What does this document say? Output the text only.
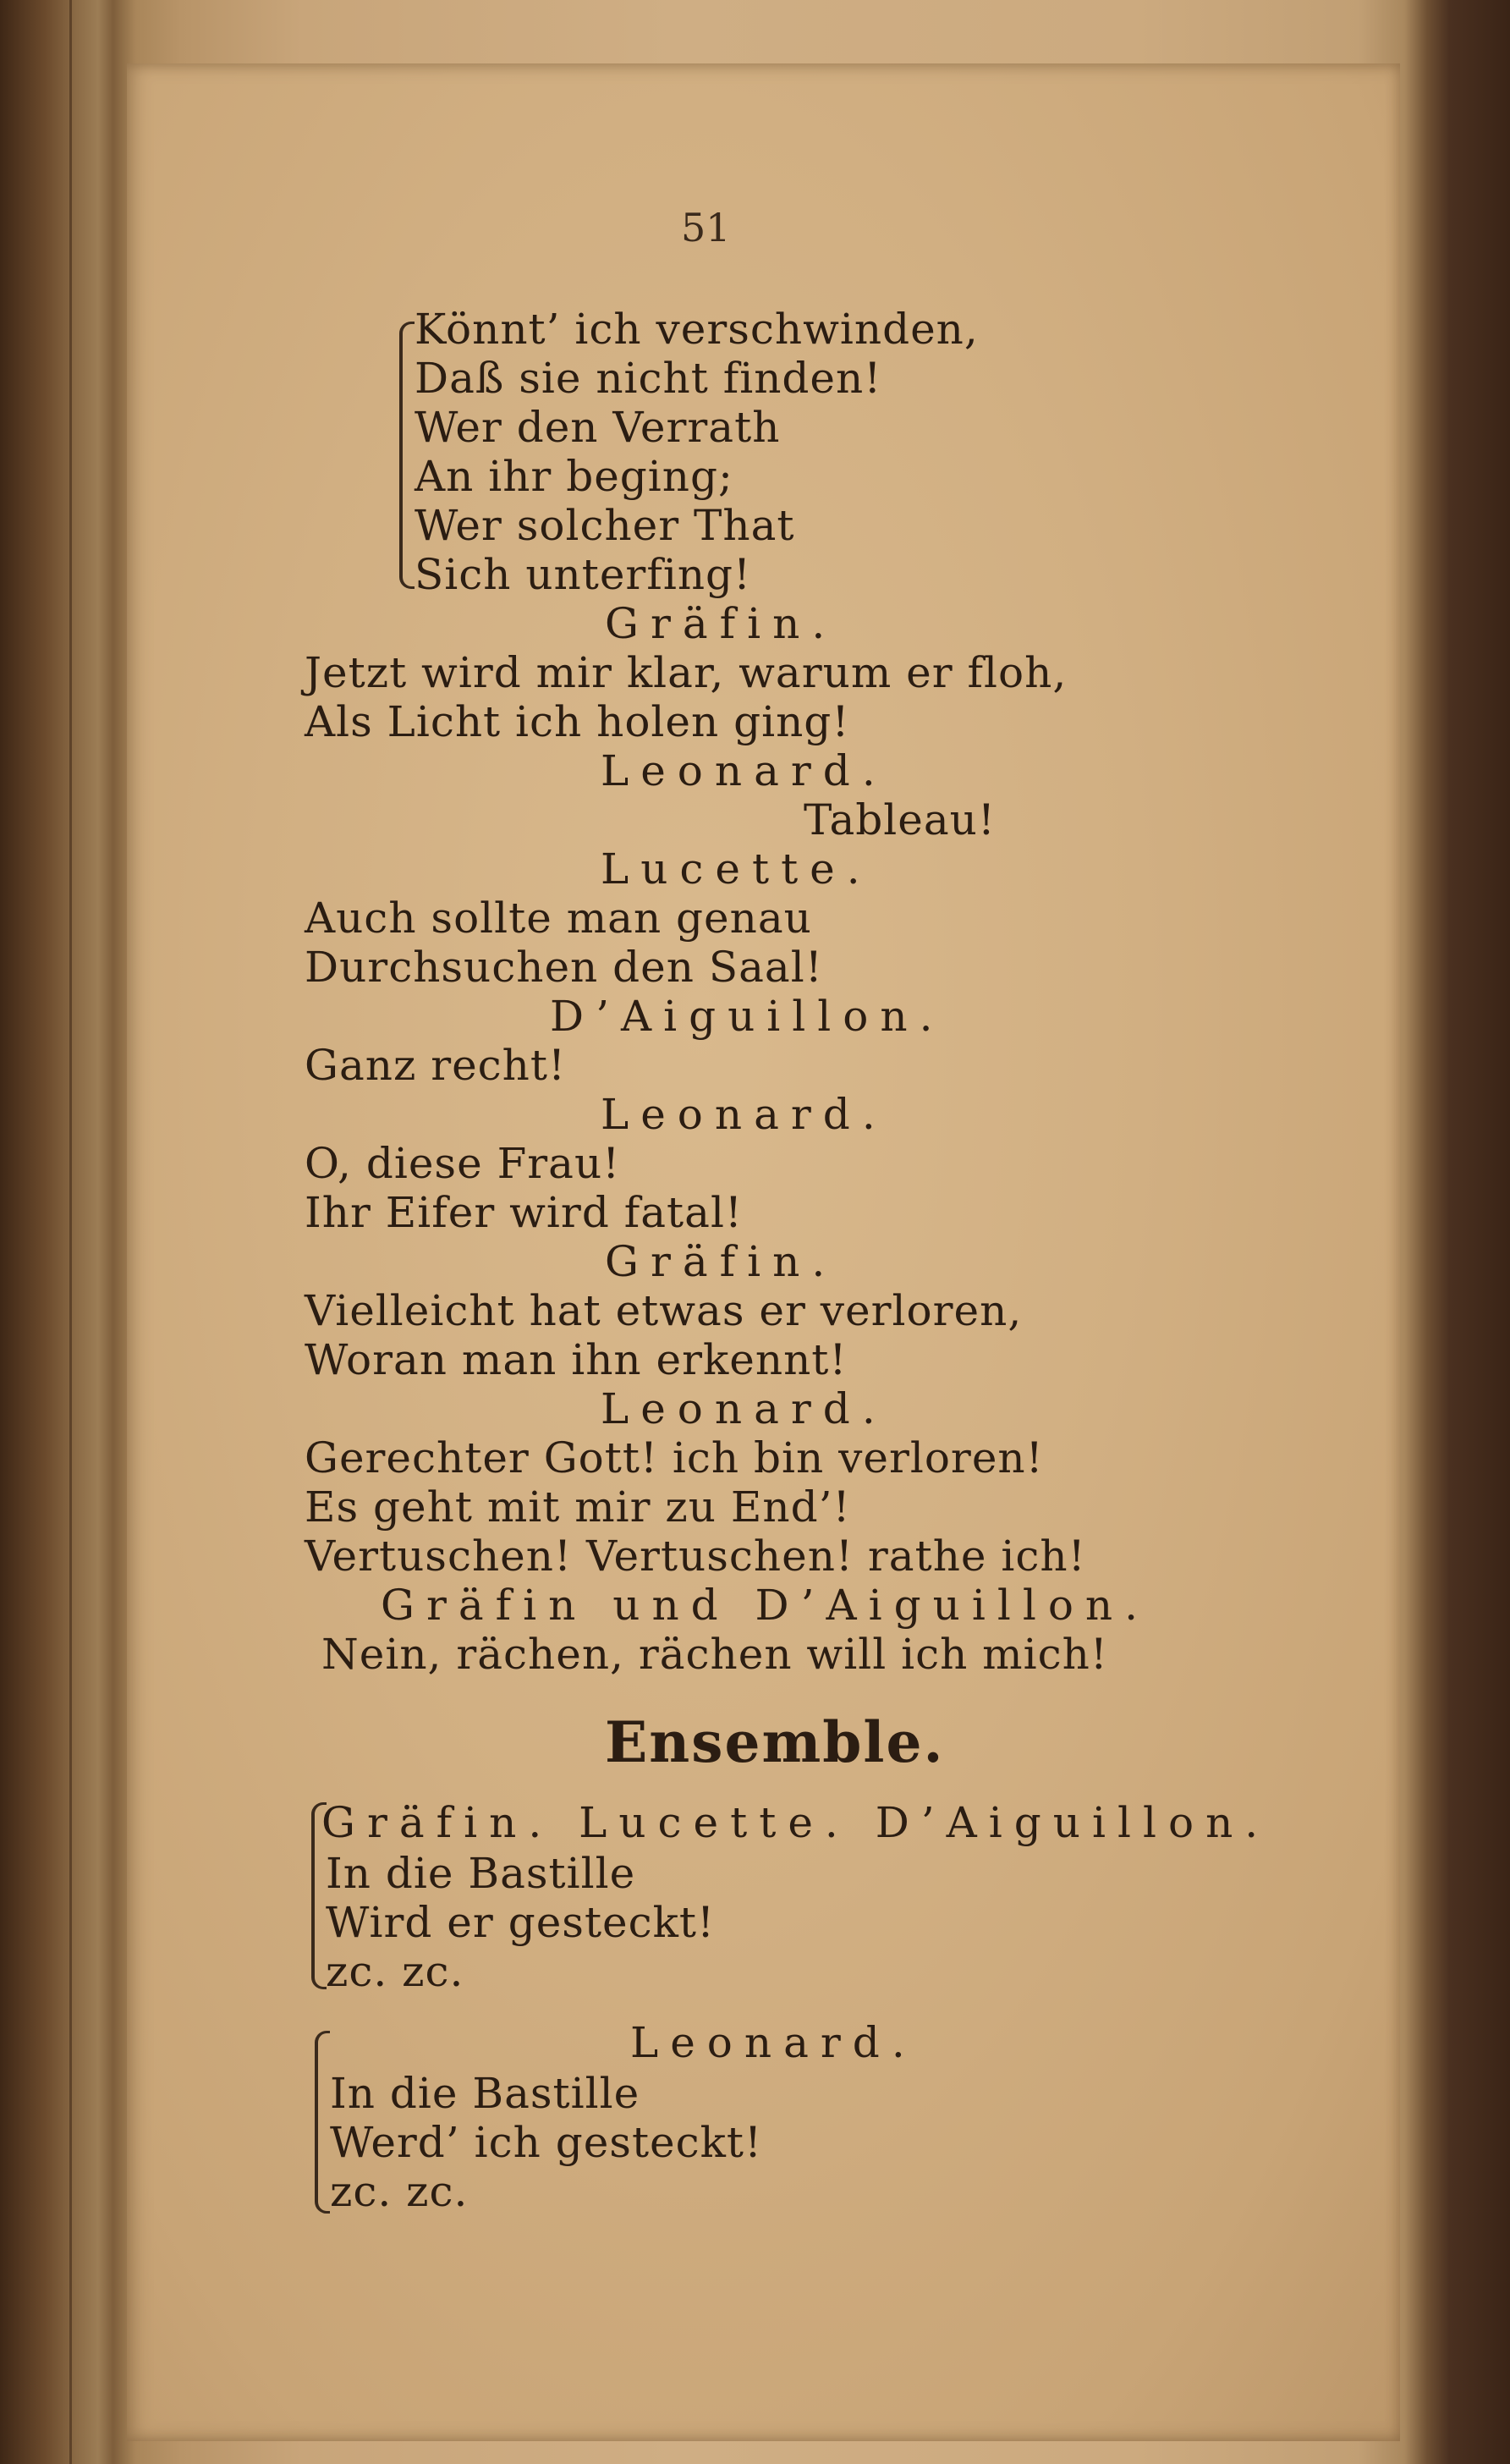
51
Könnt’ ich verschwinden,
Daß sie nicht finden!
Wer den Verrath
An ihr beging;
Wer solcher That
Sich unterfing!
Gräfin.
Jetzt wird mir klar, warum er floh,
Als Licht ich holen ging!
Leonard.
Tableau!
Lucette.
Auch sollte man genau
Durchsuchen den Saal!
D’Aiguillon.
Ganz recht!
Leonard.
O, diese Frau!
Ihr Eifer wird fatal!
Gräfin.
Vielleicht hat etwas er verloren,
Woran man ihn erkennt!
Leonard.
Gerechter Gott! ich bin verloren!
Es geht mit mir zu End’!
Vertuschen! Vertuschen! rathe ich!
Gräfin und D’Aiguillon.
Nein, rächen, rächen will ich mich!
Ensemble.
Gräfin. Lucette. D’Aiguillon.
In die Bastille
Wird er gesteckt!
zc. zc.
Leonard.
In die Bastille
Werd’ ich gesteckt!
zc. zc.
